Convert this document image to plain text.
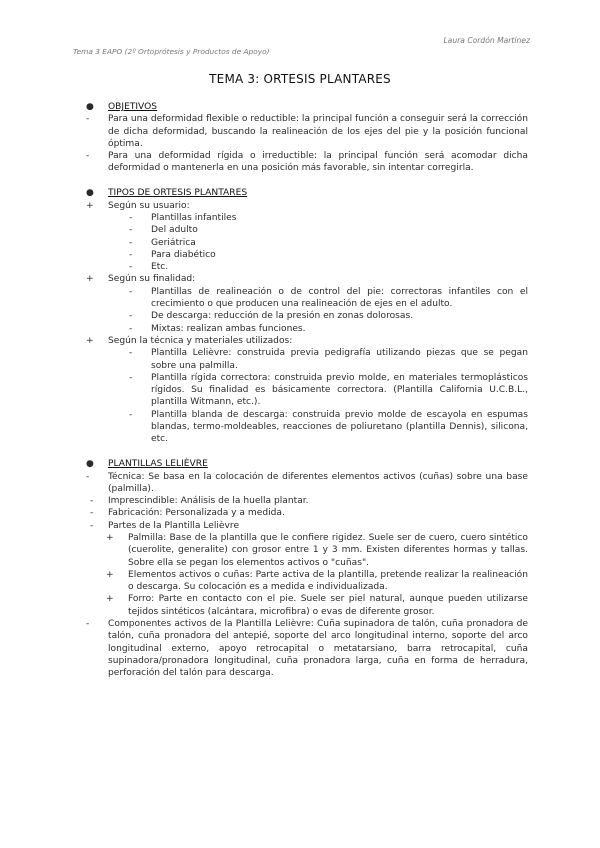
Laura Cordón Martínez
Tema 3 EAPO (2º Ortoprótesis y Productos de Apoyo)
TEMA 3: ORTESIS PLANTARES
● OBJETIVOS
- Para una deformidad flexible o reductible: la principal función a conseguir será la corrección de dicha deformidad, buscando la realineación de los ejes del pie y la posición funcional óptima.
- Para una deformidad rígida o irreductible: la principal función será acomodar dicha deformidad o mantenerla en una posición más favorable, sin intentar corregirla.
● TIPOS DE ORTESIS PLANTARES
+ Según su usuario:
- Plantillas infantiles
- Del adulto
- Geriátrica
- Para diabético
- Etc.
+ Según su finalidad:
- Plantillas de realineación o de control del pie: correctoras infantiles con el crecimiento o que producen una realineación de ejes en el adulto.
- De descarga: reducción de la presión en zonas dolorosas.
- Mixtas: realizan ambas funciones.
+ Según la técnica y materiales utilizados:
- Plantilla Lelièvre: construida previa pedigrafía utilizando piezas que se pegan sobre una palmilla.
- Plantilla rígida correctora: construida previo molde, en materiales termoplásticos rígidos. Su finalidad es básicamente correctora. (Plantilla California U.C.B.L., plantilla Witmann, etc.).
- Plantilla blanda de descarga: construida previo molde de escayola en espumas blandas, termo-moldeables, reacciones de poliuretano (plantilla Dennis), silicona, etc.
● PLANTILLAS LELIÈVRE
- Técnica: Se basa en la colocación de diferentes elementos activos (cuñas) sobre una base (palmilla).
- Imprescindible: Análisis de la huella plantar.
- Fabricación: Personalizada y a medida.
- Partes de la Plantilla Lelièvre
+ Palmilla: Base de la plantilla que le confiere rigidez. Suele ser de cuero, cuero sintético (cuerolite, generalite) con grosor entre 1 y 3 mm. Existen diferentes hormas y tallas. Sobre ella se pegan los elementos activos o "cuñas".
+ Elementos activos o cuñas: Parte activa de la plantilla, pretende realizar la realineación o descarga. Su colocación es a medida e individualizada.
+ Forro: Parte en contacto con el pie. Suele ser piel natural, aunque pueden utilizarse tejidos sintéticos (alcántara, microfibra) o evas de diferente grosor.
- Componentes activos de la Plantilla Lelièvre: Cuña supinadora de talón, cuña pronadora de talón, cuña pronadora del antepié, soporte del arco longitudinal interno, soporte del arco longitudinal externo, apoyo retrocapital o metatarsiano, barra retrocapital, cuña supinadora/pronadora longitudinal, cuña pronadora larga, cuña en forma de herradura, perforación del talón para descarga.
